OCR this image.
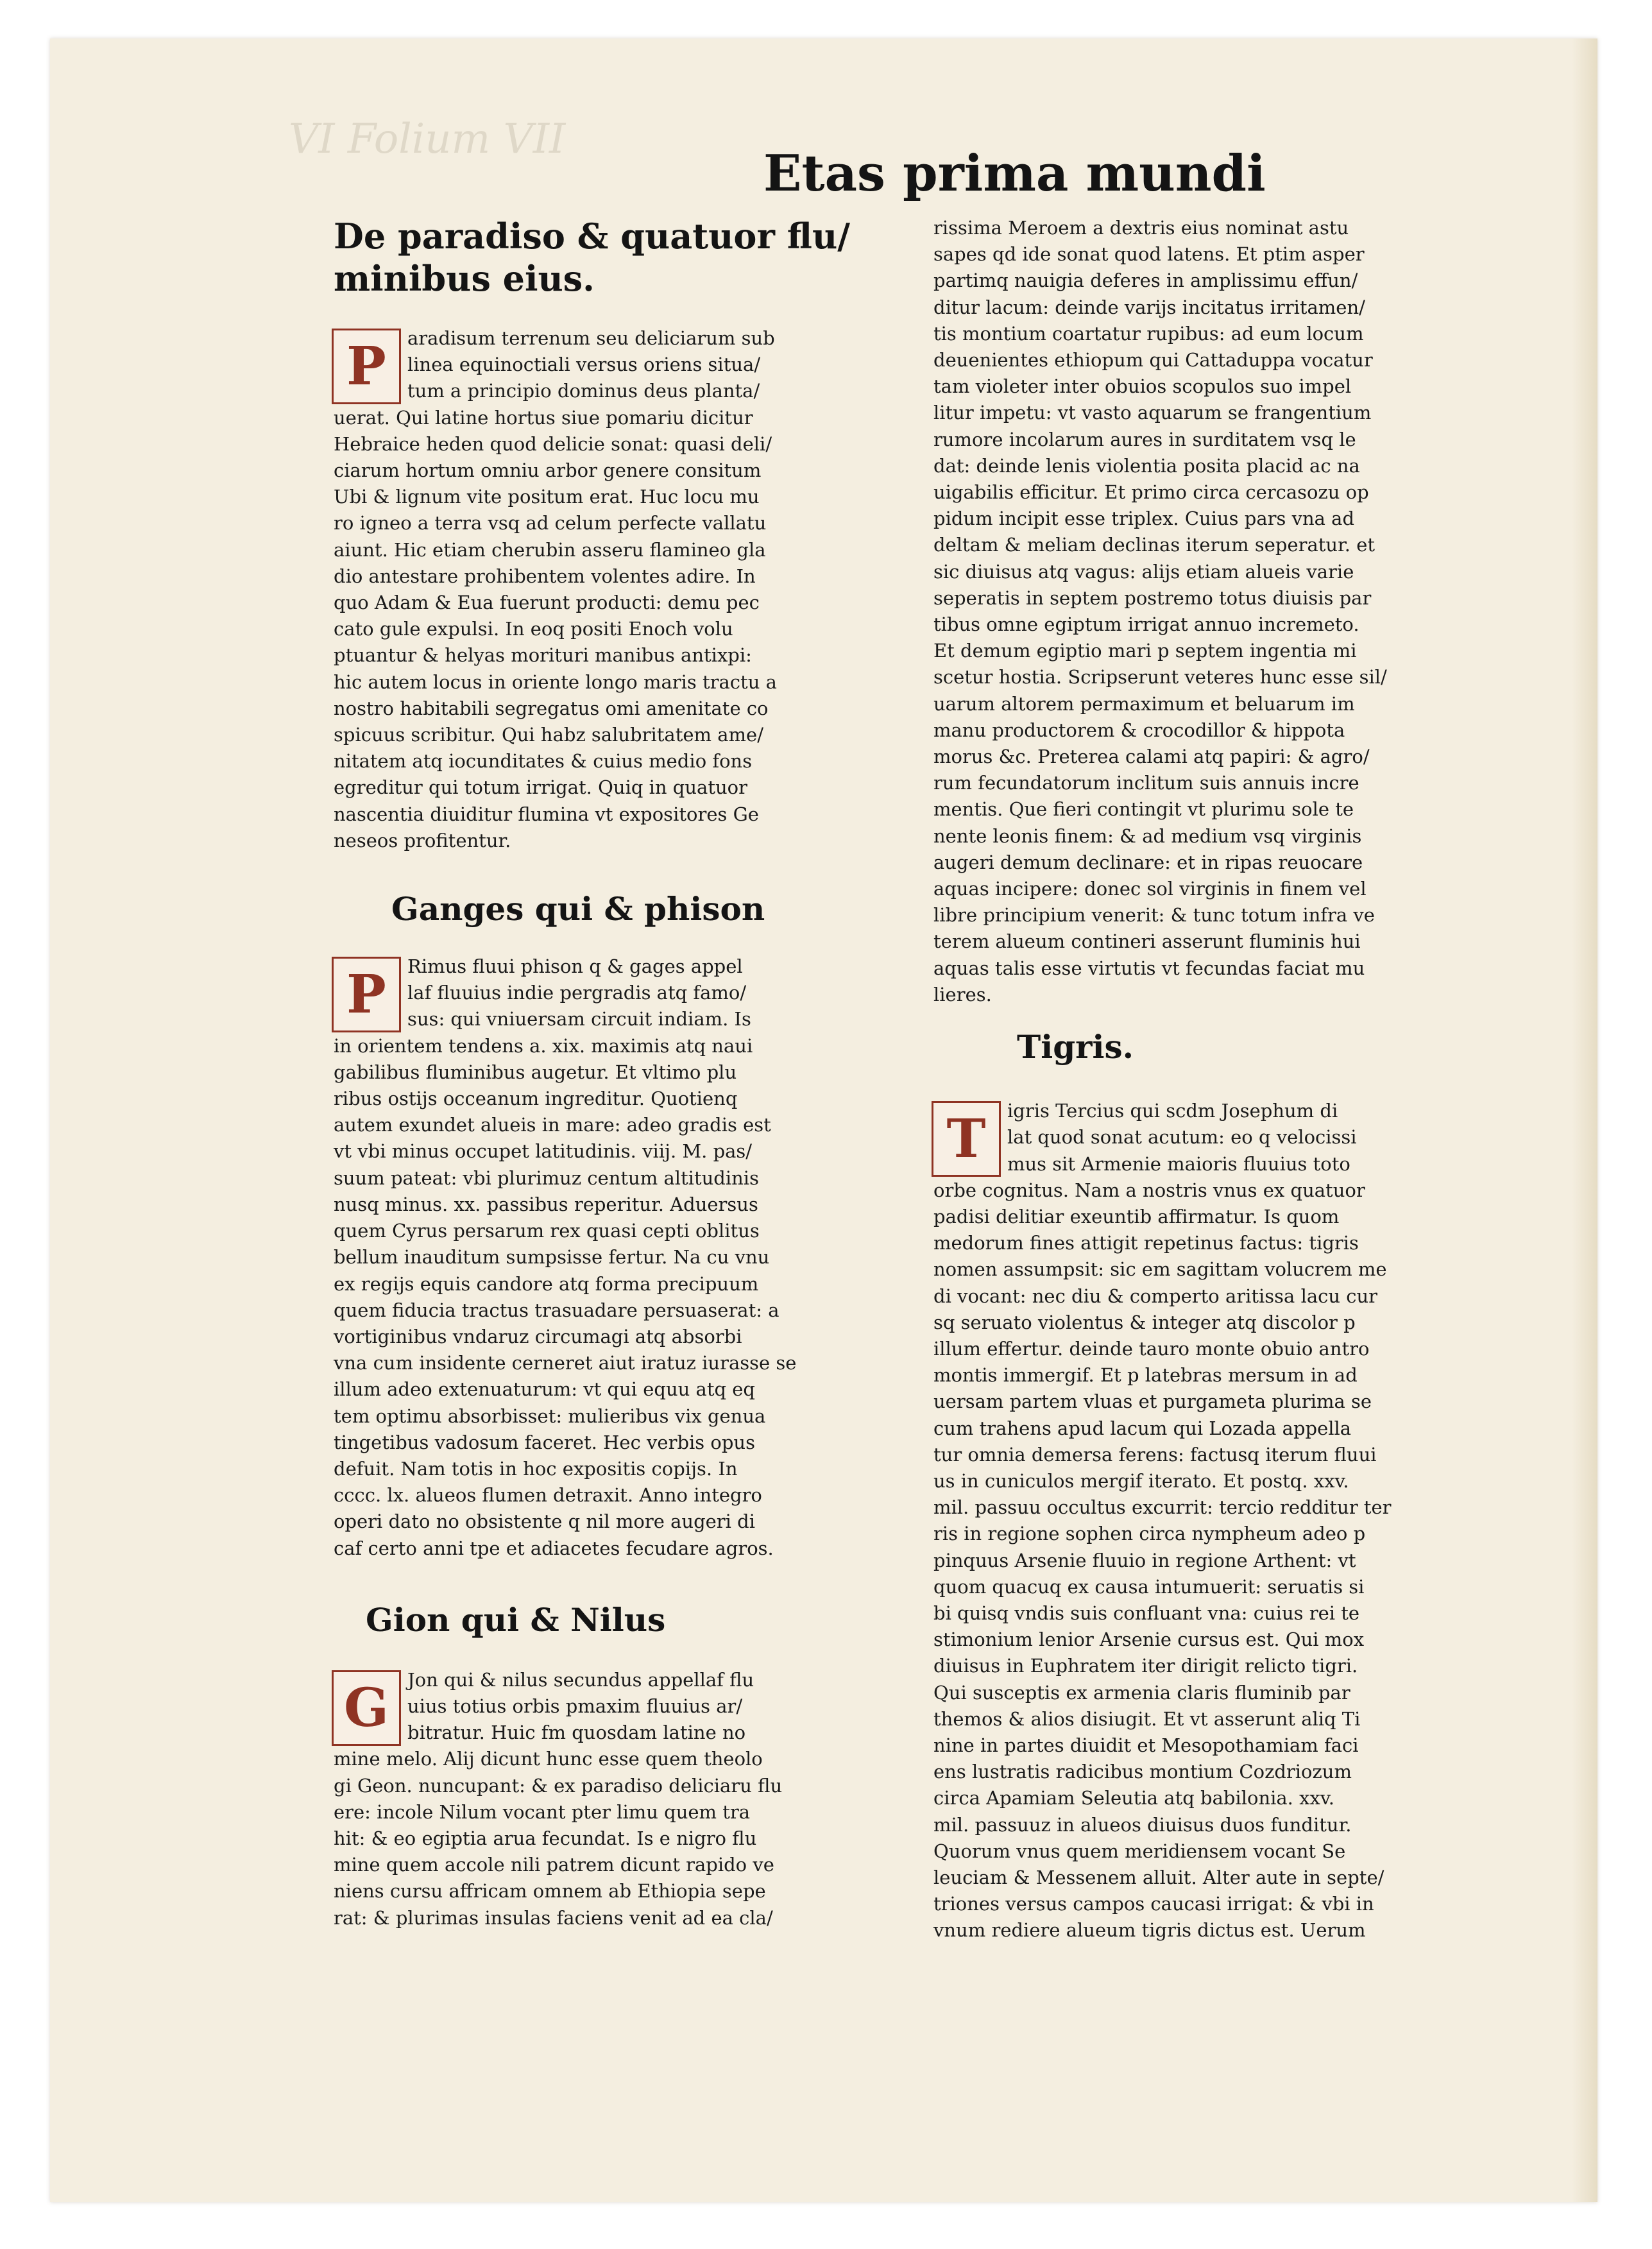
VI Folium VII
Etas prima mundi

De paradiso & quatuor flu/

minibus eius.

P	aradisum terrenum seu deliciarum sub

linea equinoctiali versus oriens situa/

tum a principio dominus deus planta/

uerat. Qui latine hortus siue pomariu dicitur

Hebraice heden quod delicie sonat: quasi deli/

ciarum hortum omniu arbor genere consitum

Ubi & lignum vite positum erat. Huc locu mu

ro igneo a terra vsq ad celum perfecte vallatu

aiunt. Hic etiam cherubin asseru flamineo gla

dio antestare prohibentem volentes adire. In

quo Adam & Eua fuerunt producti: demu pec

cato gule expulsi. In eoq positi Enoch volu

ptuantur & helyas morituri manibus antixpi:

hic autem locus in oriente longo maris tractu a

nostro habitabili segregatus omi amenitate co

spicuus scribitur. Qui habz salubritatem ame/

nitatem atq iocunditates & cuius medio fons

egreditur qui totum irrigat. Quiq in quatuor

nascentia diuiditur flumina vt expositores Ge

neseos profitentur.

Ganges qui & phison
P	Rimus fluui phison q & gages appel

laf fluuius indie pergradis atq famo/

sus: qui vniuersam circuit indiam. Is

in orientem tendens a. xix. maximis atq naui

gabilibus fluminibus augetur. Et vltimo plu

ribus ostijs occeanum ingreditur. Quotienq

autem exundet alueis in mare: adeo gradis est

vt vbi minus occupet latitudinis. viij. M. pas/

suum pateat: vbi plurimuz centum altitudinis

nusq minus. xx. passibus reperitur. Aduersus

quem Cyrus persarum rex quasi cepti oblitus

bellum inauditum sumpsisse fertur. Na cu vnu

ex regijs equis candore atq forma precipuum

quem fiducia tractus trasuadare persuaserat: a

vortiginibus vndaruz circumagi atq absorbi

vna cum insidente cerneret aiut iratuz iurasse se

illum adeo extenuaturum: vt qui equu atq eq

tem optimu absorbisset: mulieribus vix genua

tingetibus vadosum faceret. Hec verbis opus

defuit. Nam totis in hoc expositis copijs. In

cccc. lx. alueos flumen detraxit. Anno integro

operi dato no obsistente q nil more augeri di

caf certo anni tpe et adiacetes fecudare agros.

Gion qui & Nilus
G Jon qui & nilus secundus appellaf flu

uius totius orbis pmaxim fluuius ar/

bitratur. Huic fm quosdam latine no

mine melo. Alij dicunt hunc esse quem theolo

gi Geon. nuncupant: & ex paradiso deliciaru flu

ere: incole Nilum vocant pter limu quem tra

hit: & eo egiptia arua fecundat. Is e nigro flu

mine quem accole nili patrem dicunt rapido ve

niens cursu affricam omnem ab Ethiopia sepe

rat: & plurimas insulas faciens venit ad ea cla/

rissima Meroem a dextris eius nominat astu

sapes qd ide sonat quod latens. Et ptim asper

partimq nauigia deferes in amplissimu effun/

ditur lacum: deinde varijs incitatus irritamen/

tis montium coartatur rupibus: ad eum locum

deuenientes ethiopum qui Cattaduppa vocatur

tam violeter inter obuios scopulos suo impel

litur impetu: vt vasto aquarum se frangentium

rumore incolarum aures in surditatem vsq le

dat: deinde lenis violentia posita placid ac na

uigabilis efficitur. Et primo circa cercasozu op

pidum incipit esse triplex. Cuius pars vna ad

deltam & meliam declinas iterum seperatur. et

sic diuisus atq vagus: alijs etiam alueis varie

seperatis in septem postremo totus diuisis par

tibus omne egiptum irrigat annuo incremeto.

Et demum egiptio mari p septem ingentia mi

scetur hostia. Scripserunt veteres hunc esse sil/

uarum altorem permaximum et beluarum im

manu productorem & crocodillor & hippota

morus &c. Preterea calami atq papiri: & agro/

rum fecundatorum inclitum suis annuis incre

mentis. Que fieri contingit vt plurimu sole te

nente leonis finem: & ad medium vsq virginis

augeri demum declinare: et in ripas reuocare

aquas incipere: donec sol virginis in finem vel

libre principium venerit: & tunc totum infra ve

terem alueum contineri asserunt fluminis hui

aquas talis esse virtutis vt fecundas faciat mu

lieres.

Tigris.
T	igris Tercius qui scdm Josephum di

lat quod sonat acutum: eo q velocissi

mus sit Armenie maioris fluuius toto

orbe cognitus. Nam a nostris vnus ex quatuor

padisi delitiar exeuntib affirmatur. Is quom

medorum fines attigit repetinus factus: tigris

nomen assumpsit: sic em sagittam volucrem me

di vocant: nec diu & comperto aritissa lacu cur

sq seruato violentus & integer atq discolor p

illum effertur. deinde tauro monte obuio antro

montis immergif. Et p latebras mersum in ad

uersam partem vluas et purgameta plurima se

cum trahens apud lacum qui Lozada appella

tur omnia demersa ferens: factusq iterum fluui

us in cuniculos mergif iterato. Et postq. xxv.

mil. passuu occultus excurrit: tercio redditur ter

ris in regione sophen circa nympheum adeo p

pinquus Arsenie fluuio in regione Arthent: vt

quom quacuq ex causa intumuerit: seruatis si

bi quisq vndis suis confluant vna: cuius rei te

stimonium lenior Arsenie cursus est. Qui mox

diuisus in Euphratem iter dirigit relicto tigri.

Qui susceptis ex armenia claris fluminib par

themos & alios disiugit. Et vt asserunt aliq Ti

nine in partes diuidit et Mesopothamiam faci

ens lustratis radicibus montium Cozdriozum

circa Apamiam Seleutia atq babilonia. xxv.

mil. passuuz in alueos diuisus duos funditur.

Quorum vnus quem meridiensem vocant Se

leuciam & Messenem alluit. Alter aute in septe/

triones versus campos caucasi irrigat: & vbi in

vnum rediere alueum tigris dictus est. Uerum
